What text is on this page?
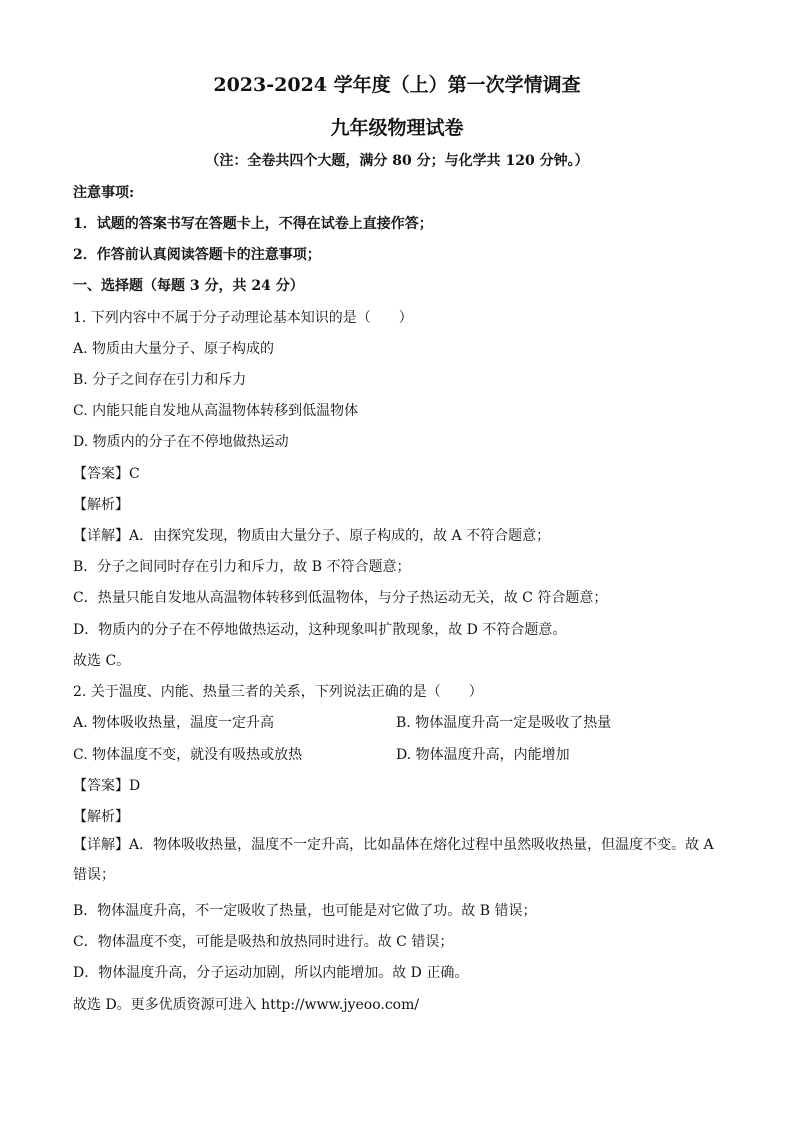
2023-2024 学年度（上）第一次学情调查
九年级物理试卷
（注：全卷共四个大题，满分 80 分；与化学共 120 分钟。）
注意事项:
1．试题的答案书写在答题卡上，不得在试卷上直接作答；
2．作答前认真阅读答题卡的注意事项；
一、选择题（每题 3 分，共 24 分）
1. 下列内容中不属于分子动理论基本知识的是（　　）
A. 物质由大量分子、原子构成的
B. 分子之间存在引力和斥力
C. 内能只能自发地从高温物体转移到低温物体
D. 物质内的分子在不停地做热运动
【答案】C
【解析】
【详解】A．由探究发现，物质由大量分子、原子构成的，故 A 不符合题意；
B．分子之间同时存在引力和斥力，故 B 不符合题意；
C．热量只能自发地从高温物体转移到低温物体，与分子热运动无关，故 C 符合题意；
D．物质内的分子在不停地做热运动，这种现象叫扩散现象，故 D 不符合题意。
故选 C。
2. 关于温度、内能、热量三者的关系，下列说法正确的是（　　）
A. 物体吸收热量，温度一定升高	B. 物体温度升高一定是吸收了热量
C. 物体温度不变，就没有吸热或放热	D. 物体温度升高，内能增加
【答案】D
【解析】
【详解】A．物体吸收热量，温度不一定升高，比如晶体在熔化过程中虽然吸收热量，但温度不变。故 A 错误；
B．物体温度升高，不一定吸收了热量，也可能是对它做了功。故 B 错误；
C．物体温度不变，可能是吸热和放热同时进行。故 C 错误；
D．物体温度升高，分子运动加剧，所以内能增加。故 D 正确。
故选 D。更多优质资源可进入 http://www.jyeoo.com/
